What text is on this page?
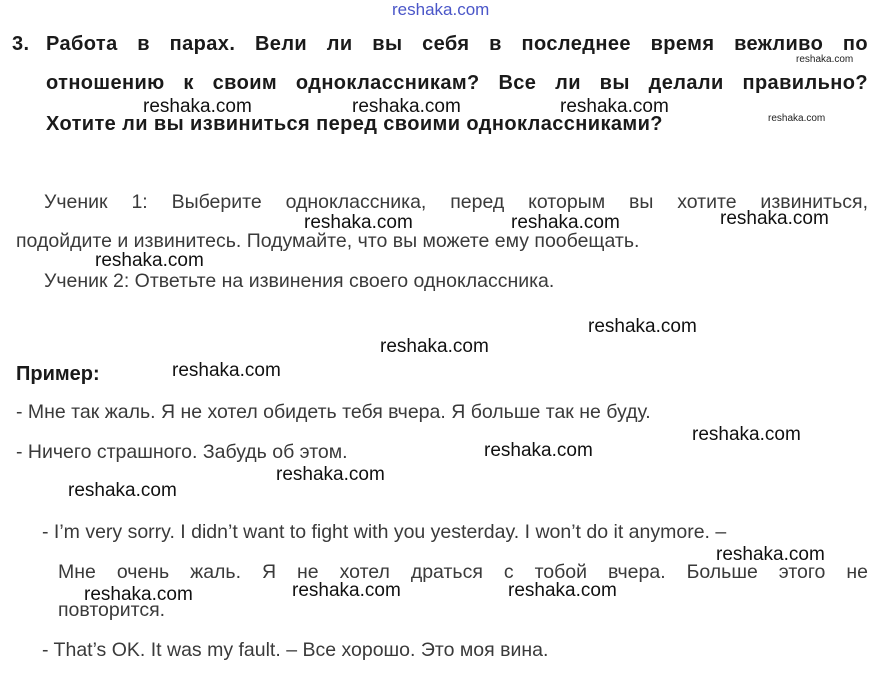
reshaka.com
3. Работа в парах. Вели ли вы себя в последнее время вежливо по
reshaka.com
отношению к своим одноклассникам? Все ли вы делали правильно?
reshaka.com	reshaka.com	reshaka.com
Хотите ли вы извиниться перед своими одноклассниками?	reshaka.com
Ученик 1: Выберите одноклассника, перед которым вы хотите извиниться,
reshaka.com	reshaka.com	reshaka.com
подойдите и извинитесь. Подумайте, что вы можете ему пообещать.
reshaka.com
Ученик 2: Ответьте на извинения своего одноклассника.
reshaka.com
reshaka.com
Пример:	reshaka.com
- Мне так жаль. Я не хотел обидеть тебя вчера. Я больше так не буду.
reshaka.com
- Ничего страшного. Забудь об этом.	reshaka.com
reshaka.com
reshaka.com
- I’m very sorry. I didn’t want to fight with you yesterday. I won’t do it anymore. –
reshaka.com
Мне очень жаль. Я не хотел драться с тобой вчера. Больше этого не
reshaka.com	reshaka.com	reshaka.com
повторится.
- That’s OK. It was my fault. – Все хорошо. Это моя вина.
